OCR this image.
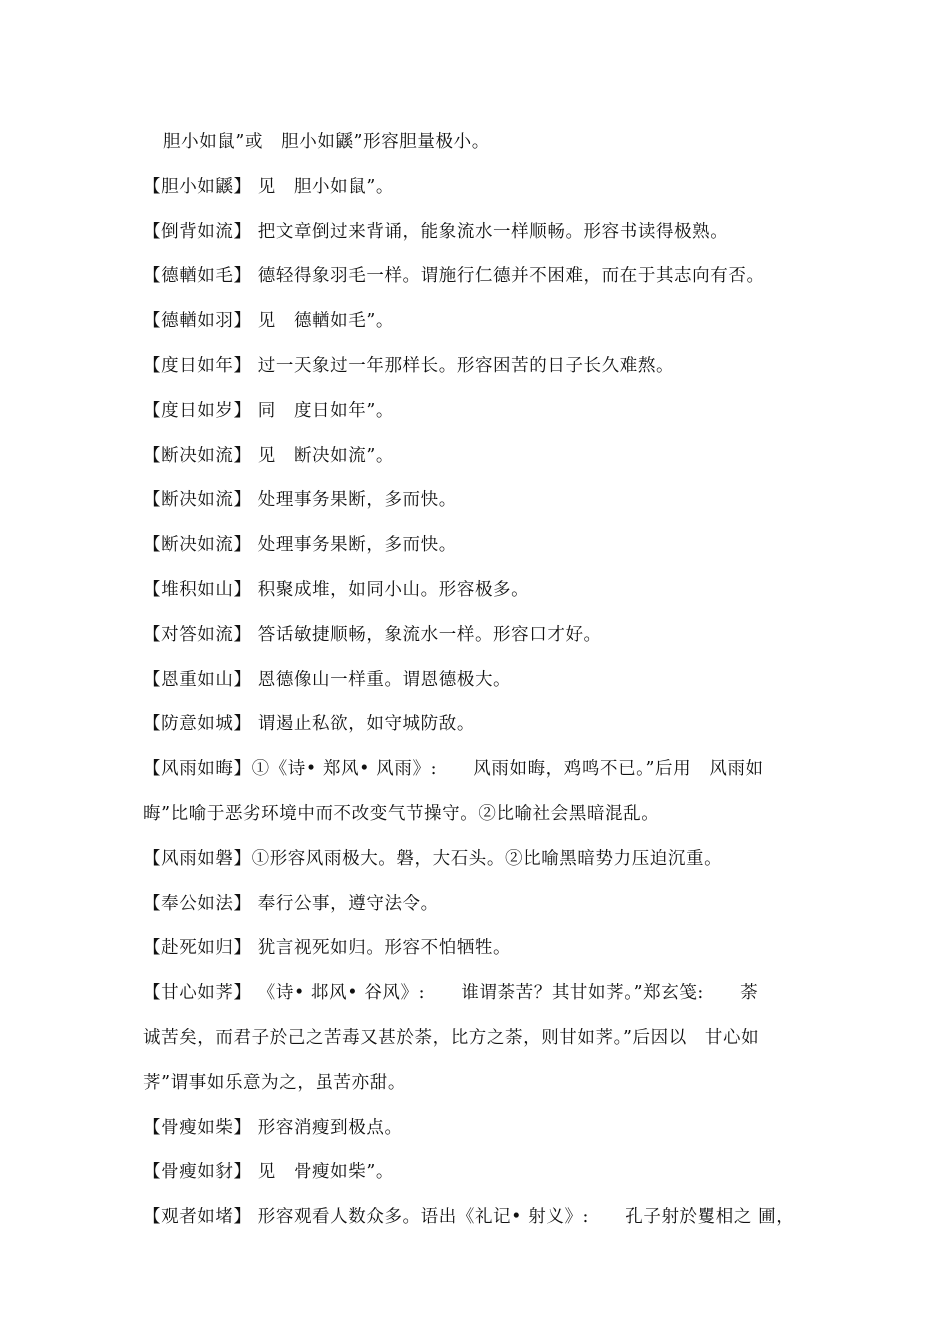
胆小如鼠”或　胆小如鼷”形容胆量极小。
【胆小如鼷】 见　胆小如鼠”。
【倒背如流】 把文章倒过来背诵，能象流水一样顺畅。形容书读得极熟。
【德輶如毛】 德轻得象羽毛一样。谓施行仁德并不困难，而在于其志向有否。
【德輶如羽】 见　德輶如毛”。
【度日如年】 过一天象过一年那样长。形容困苦的日子长久难熬。
【度日如岁】 同　度日如年”。
【断决如流】 见　断决如流”。
【断决如流】 处理事务果断，多而快。
【断决如流】 处理事务果断，多而快。
【堆积如山】 积聚成堆，如同小山。形容极多。
【对答如流】 答话敏捷顺畅，象流水一样。形容口才好。
【恩重如山】 恩德像山一样重。谓恩德极大。
【防意如城】 谓遏止私欲，如守城防敌。
【风雨如晦】①《诗• 郑风• 风雨》:　　风雨如晦，鸡鸣不已。”后用　风雨如
晦”比喻于恶劣环境中而不改变气节操守。②比喻社会黑暗混乱。
【风雨如磐】①形容风雨极大。磐，大石头。②比喻黑暗势力压迫沉重。
【奉公如法】 奉行公事，遵守法令。
【赴死如归】 犹言视死如归。形容不怕牺牲。
【甘心如荠】 《诗• 邶风• 谷风》:　　谁谓荼苦？其甘如荠。”郑玄笺:　　荼
诚苦矣，而君子於己之苦毒又甚於荼，比方之荼，则甘如荠。”后因以　甘心如
荠”谓事如乐意为之，虽苦亦甜。
【骨瘦如柴】 形容消瘦到极点。
【骨瘦如豺】 见　骨瘦如柴”。
【观者如堵】 形容观看人数众多。语出《礼记• 射义》:　　孔子射於矍相之 圃，
